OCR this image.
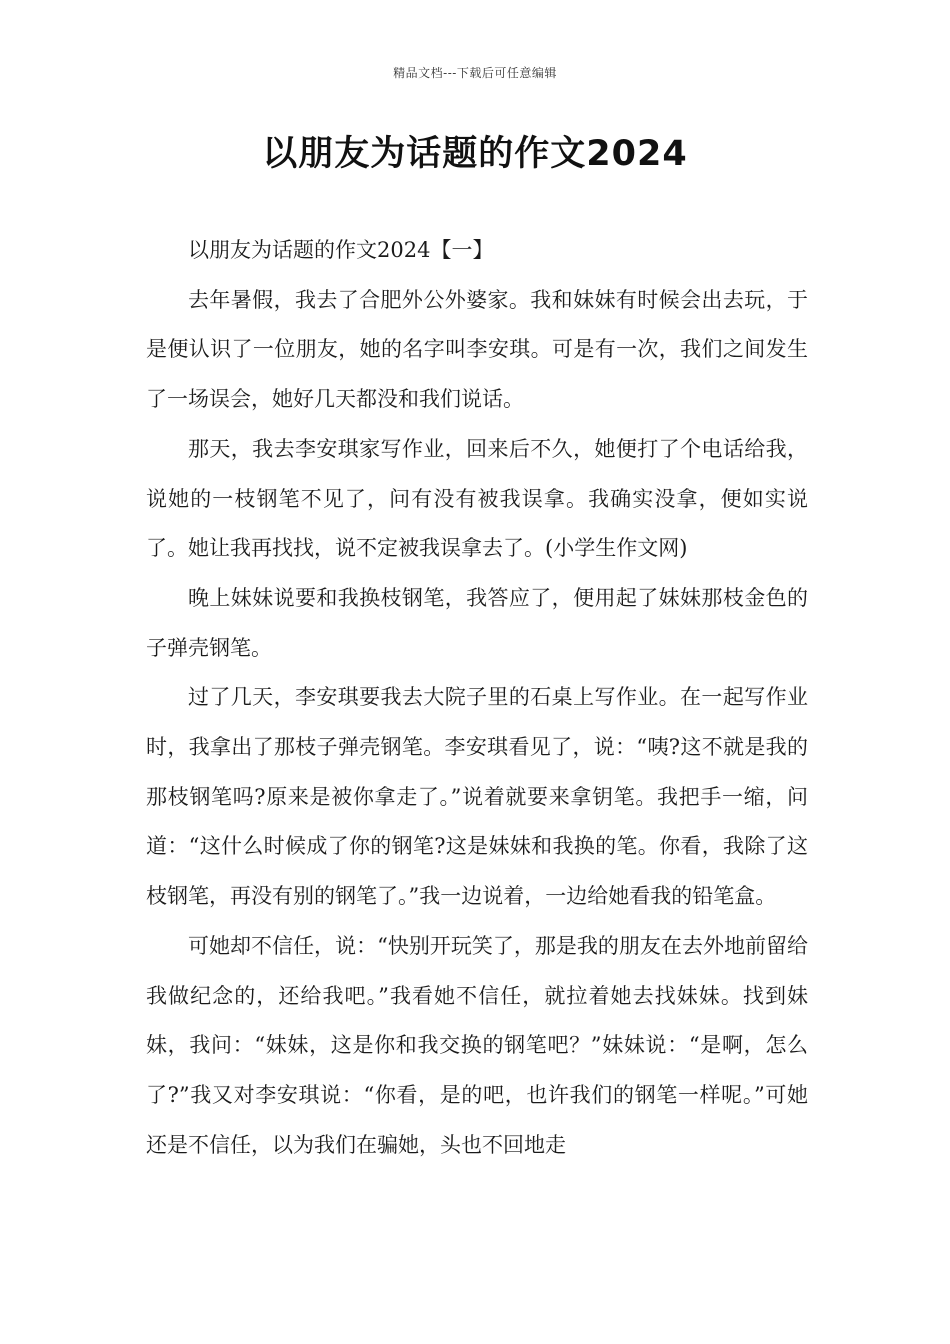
精品文档---下载后可任意编辑
以朋友为话题的作文2024

以朋友为话题的作文2024【一】

去年暑假，我去了合肥外公外婆家。我和妹妹有时候会出去玩，于是便认识了一位朋友，她的名字叫李安琪。可是有一次，我们之间发生了一场误会，她好几天都没和我们说话。

那天，我去李安琪家写作业，回来后不久，她便打了个电话给我，说她的一枝钢笔不见了，问有没有被我误拿。我确实没拿，便如实说了。她让我再找找，说不定被我误拿去了。(小学生作文网)

晚上妹妹说要和我换枝钢笔，我答应了，便用起了妹妹那枝金色的子弹壳钢笔。

过了几天，李安琪要我去大院子里的石桌上写作业。在一起写作业时，我拿出了那枝子弹壳钢笔。李安琪看见了，说：“咦?这不就是我的那枝钢笔吗?原来是被你拿走了。”说着就要来拿钥笔。我把手一缩，问道：“这什么时候成了你的钢笔?这是妹妹和我换的笔。你看，我除了这枝钢笔，再没有别的钢笔了。”我一边说着，一边给她看我的铅笔盒。

可她却不信任，说：“快别开玩笑了，那是我的朋友在去外地前留给我做纪念的，还给我吧。”我看她不信任，就拉着她去找妹妹。找到妹妹，我问：“妹妹，这是你和我交换的钢笔吧？”妹妹说：“是啊，怎么了?”我又对李安琪说：“你看，是的吧，也许我们的钢笔一样呢。”可她还是不信任，以为我们在骗她，头也不回地走
